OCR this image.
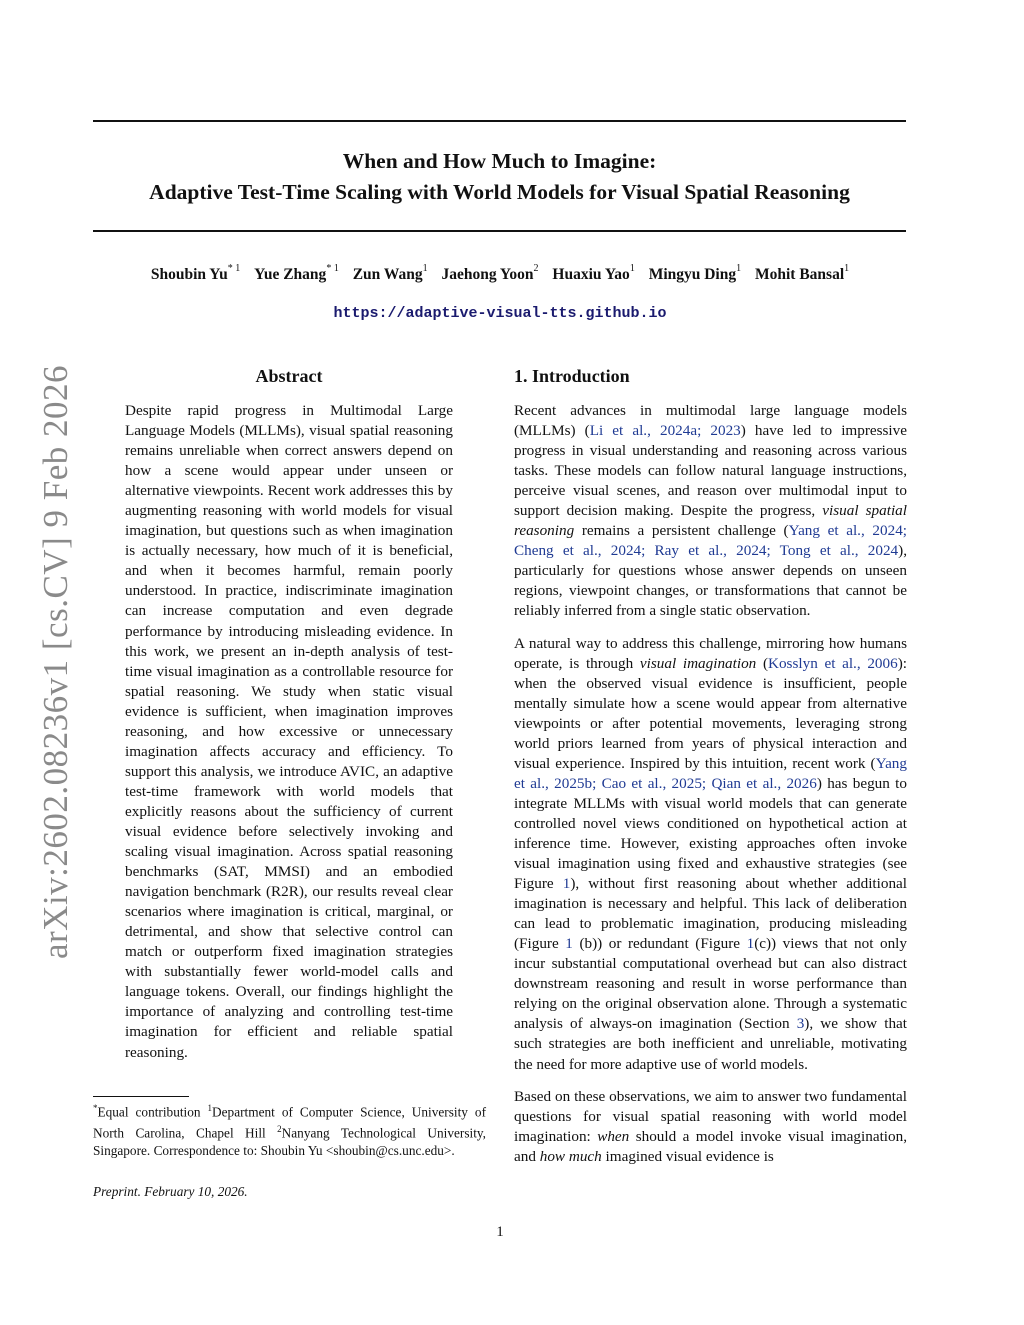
When and How Much to Imagine:
Adaptive Test-Time Scaling with World Models for Visual Spatial Reasoning
Shoubin Yu$^{* 1}$ Yue Zhang$^{* 1}$ Zun Wang$^1$ Jaehong Yoon$^2$ Huaxiu Yao$^1$ Mingyu Ding$^1$ Mohit Bansal$^1$
https://adaptive-visual-tts.github.io
arXiv:2602.08236v1 [cs.CV] 9 Feb 2026	Abstract

Despite rapid progress in Multimodal Large Language Models (MLLMs), visual spatial reasoning remains unreliable when correct answers depend on how a scene would appear under unseen or alternative viewpoints. Recent work addresses this by augmenting reasoning with world models for visual imagination, but questions such as when imagination is actually necessary, how much of it is beneficial, and when it becomes harmful, remain poorly understood. In practice, indiscriminate imagination can increase computation and even degrade performance by introducing misleading evidence. In this work, we present an in-depth analysis of test-time visual imagination as a controllable resource for spatial reasoning. We study when static visual evidence is sufficient, when imagination improves reasoning, and how excessive or unnecessary imagination affects accuracy and efficiency. To support this analysis, we introduce AVIC, an adaptive test-time framework with world models that explicitly reasons about the sufficiency of current visual evidence before selectively invoking and scaling visual imagination. Across spatial reasoning benchmarks (SAT, MMSI) and an embodied navigation benchmark (R2R), our results reveal clear scenarios where imagination is critical, marginal, or detrimental, and show that selective control can match or outperform fixed imagination strategies with substantially fewer world-model calls and language tokens. Overall, our findings highlight the importance of analyzing and controlling test-time imagination for efficient and reliable spatial reasoning.

1. Introduction

Recent advances in multimodal large language models (MLLMs) (Li et al., 2024a; 2023) have led to impressive progress in visual understanding and reasoning across various tasks. These models can follow natural language instructions, perceive visual scenes, and reason over multimodal input to support decision making. Despite the progress, visual spatial reasoning remains a persistent challenge (Yang et al., 2024; Cheng et al., 2024; Ray et al., 2024; Tong et al., 2024), particularly for questions whose answer depends on unseen regions, viewpoint changes, or transformations that cannot be reliably inferred from a single static observation.

A natural way to address this challenge, mirroring how humans operate, is through visual imagination (Kosslyn et al., 2006): when the observed visual evidence is insufficient, people mentally simulate how a scene would appear from alternative viewpoints or after potential movements, leveraging strong world priors learned from years of physical interaction and visual experience. Inspired by this intuition, recent work (Yang et al., 2025b; Cao et al., 2025; Qian et al., 2026) has begun to integrate MLLMs with visual world models that can generate controlled novel views conditioned on hypothetical action at inference time. However, existing approaches often invoke visual imagination using fixed and exhaustive strategies (see Figure 1), without first reasoning about whether additional imagination is necessary and helpful. This lack of deliberation can lead to problematic imagination, producing misleading (Figure 1 (b)) or redundant (Figure 1(c)) views that not only incur substantial computational overhead but can also distract downstream reasoning and result in worse performance than relying on the original observation alone. Through a systematic analysis of always-on imagination (Section 3), we show that such strategies are both inefficient and unreliable, motivating the need for more adaptive use of world models.

Based on these observations, we aim to answer two fundamental questions for visual spatial reasoning with world model imagination: when should a model invoke visual imagination, and how much imagined visual evidence is

*Equal contribution $^1$Department of Computer Science, University of North Carolina, Chapel Hill $^2$Nanyang Technological University, Singapore. Correspondence to: Shoubin Yu <shoubin@cs.unc.edu>.
Preprint. February 10, 2026.
1
